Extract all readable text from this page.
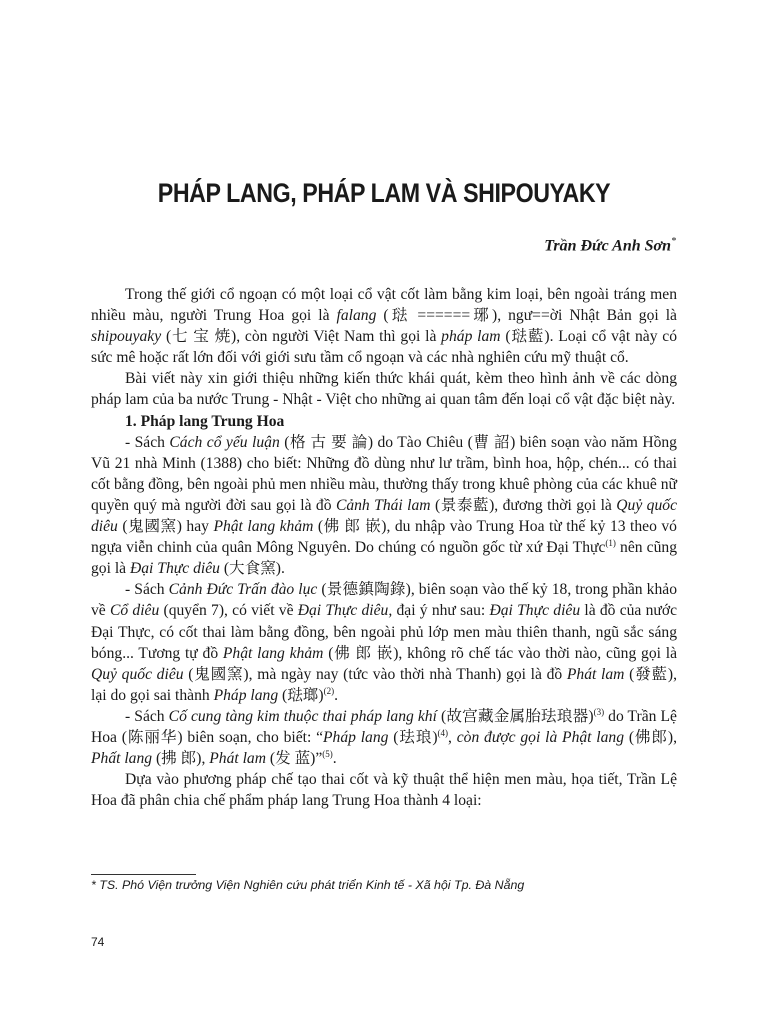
PHÁP LANG, PHÁP LAM VÀ SHIPOUYAKY
Trần Đức Anh Sơn*

Trong thế giới cổ ngoạn có một loại cổ vật cốt làm bằng kim loại, bên ngoài tráng men nhiều màu, người Trung Hoa gọi là falang (琺 ======琊), ngư==ời Nhật Bản gọi là shipouyaky (七 宝 焼), còn người Việt Nam thì gọi là pháp lam (琺藍). Loại cổ vật này có sức mê hoặc rất lớn đối với giới sưu tầm cổ ngoạn và các nhà nghiên cứu mỹ thuật cổ.

Bài viết này xin giới thiệu những kiến thức khái quát, kèm theo hình ảnh về các dòng pháp lam của ba nước Trung - Nhật - Việt cho những ai quan tâm đến loại cổ vật đặc biệt này.

1. Pháp lang Trung Hoa

- Sách Cách cổ yếu luận (格 古 要 論) do Tào Chiêu (曹 詔) biên soạn vào năm Hồng Vũ 21 nhà Minh (1388) cho biết: Những đồ dùng như lư trầm, bình hoa, hộp, chén... có thai cốt bằng đồng, bên ngoài phủ men nhiều màu, thường thấy trong khuê phòng của các khuê nữ quyền quý mà người đời sau gọi là đồ Cảnh Thái lam (景泰藍), đương thời gọi là Quỷ quốc diêu (鬼國窯) hay Phật lang khảm (佛 郎 嵌), du nhập vào Trung Hoa từ thế kỷ 13 theo vó ngựa viễn chinh của quân Mông Nguyên. Do chúng có nguồn gốc từ xứ Đại Thực$^{(1)}$ nên cũng gọi là Đại Thực diêu (大食窯).

- Sách Cảnh Đức Trấn đào lục (景德鎮陶錄), biên soạn vào thế kỷ 18, trong phần khảo về Cổ diêu (quyển 7), có viết về Đại Thực diêu, đại ý như sau: Đại Thực diêu là đồ của nước Đại Thực, có cốt thai làm bằng đồng, bên ngoài phủ lớp men màu thiên thanh, ngũ sắc sáng bóng... Tương tự đồ Phật lang khảm (佛 郎 嵌), không rõ chế tác vào thời nào, cũng gọi là Quỷ quốc diêu (鬼國窯), mà ngày nay (tức vào thời nhà Thanh) gọi là đồ Phát lam (發藍), lại do gọi sai thành Pháp lang (琺瑯)$^{(2)}$.

- Sách Cố cung tàng kim thuộc thai pháp lang khí (故宫藏金属胎珐琅器)$^{(3)}$ do Trần Lệ Hoa (陈丽华) biên soạn, cho biết: “Pháp lang (珐琅)$^{(4)}$, còn được gọi là Phật lang (佛郎), Phất lang (拂 郎), Phát lam (发 蓝)”$^{(5)}$.

Dựa vào phương pháp chế tạo thai cốt và kỹ thuật thể hiện men màu, họa tiết, Trần Lệ Hoa đã phân chia chế phẩm pháp lang Trung Hoa thành 4 loại:

* TS. Phó Viện trưởng Viện Nghiên cứu phát triển Kinh tế - Xã hội Tp. Đà Nẵng
74
